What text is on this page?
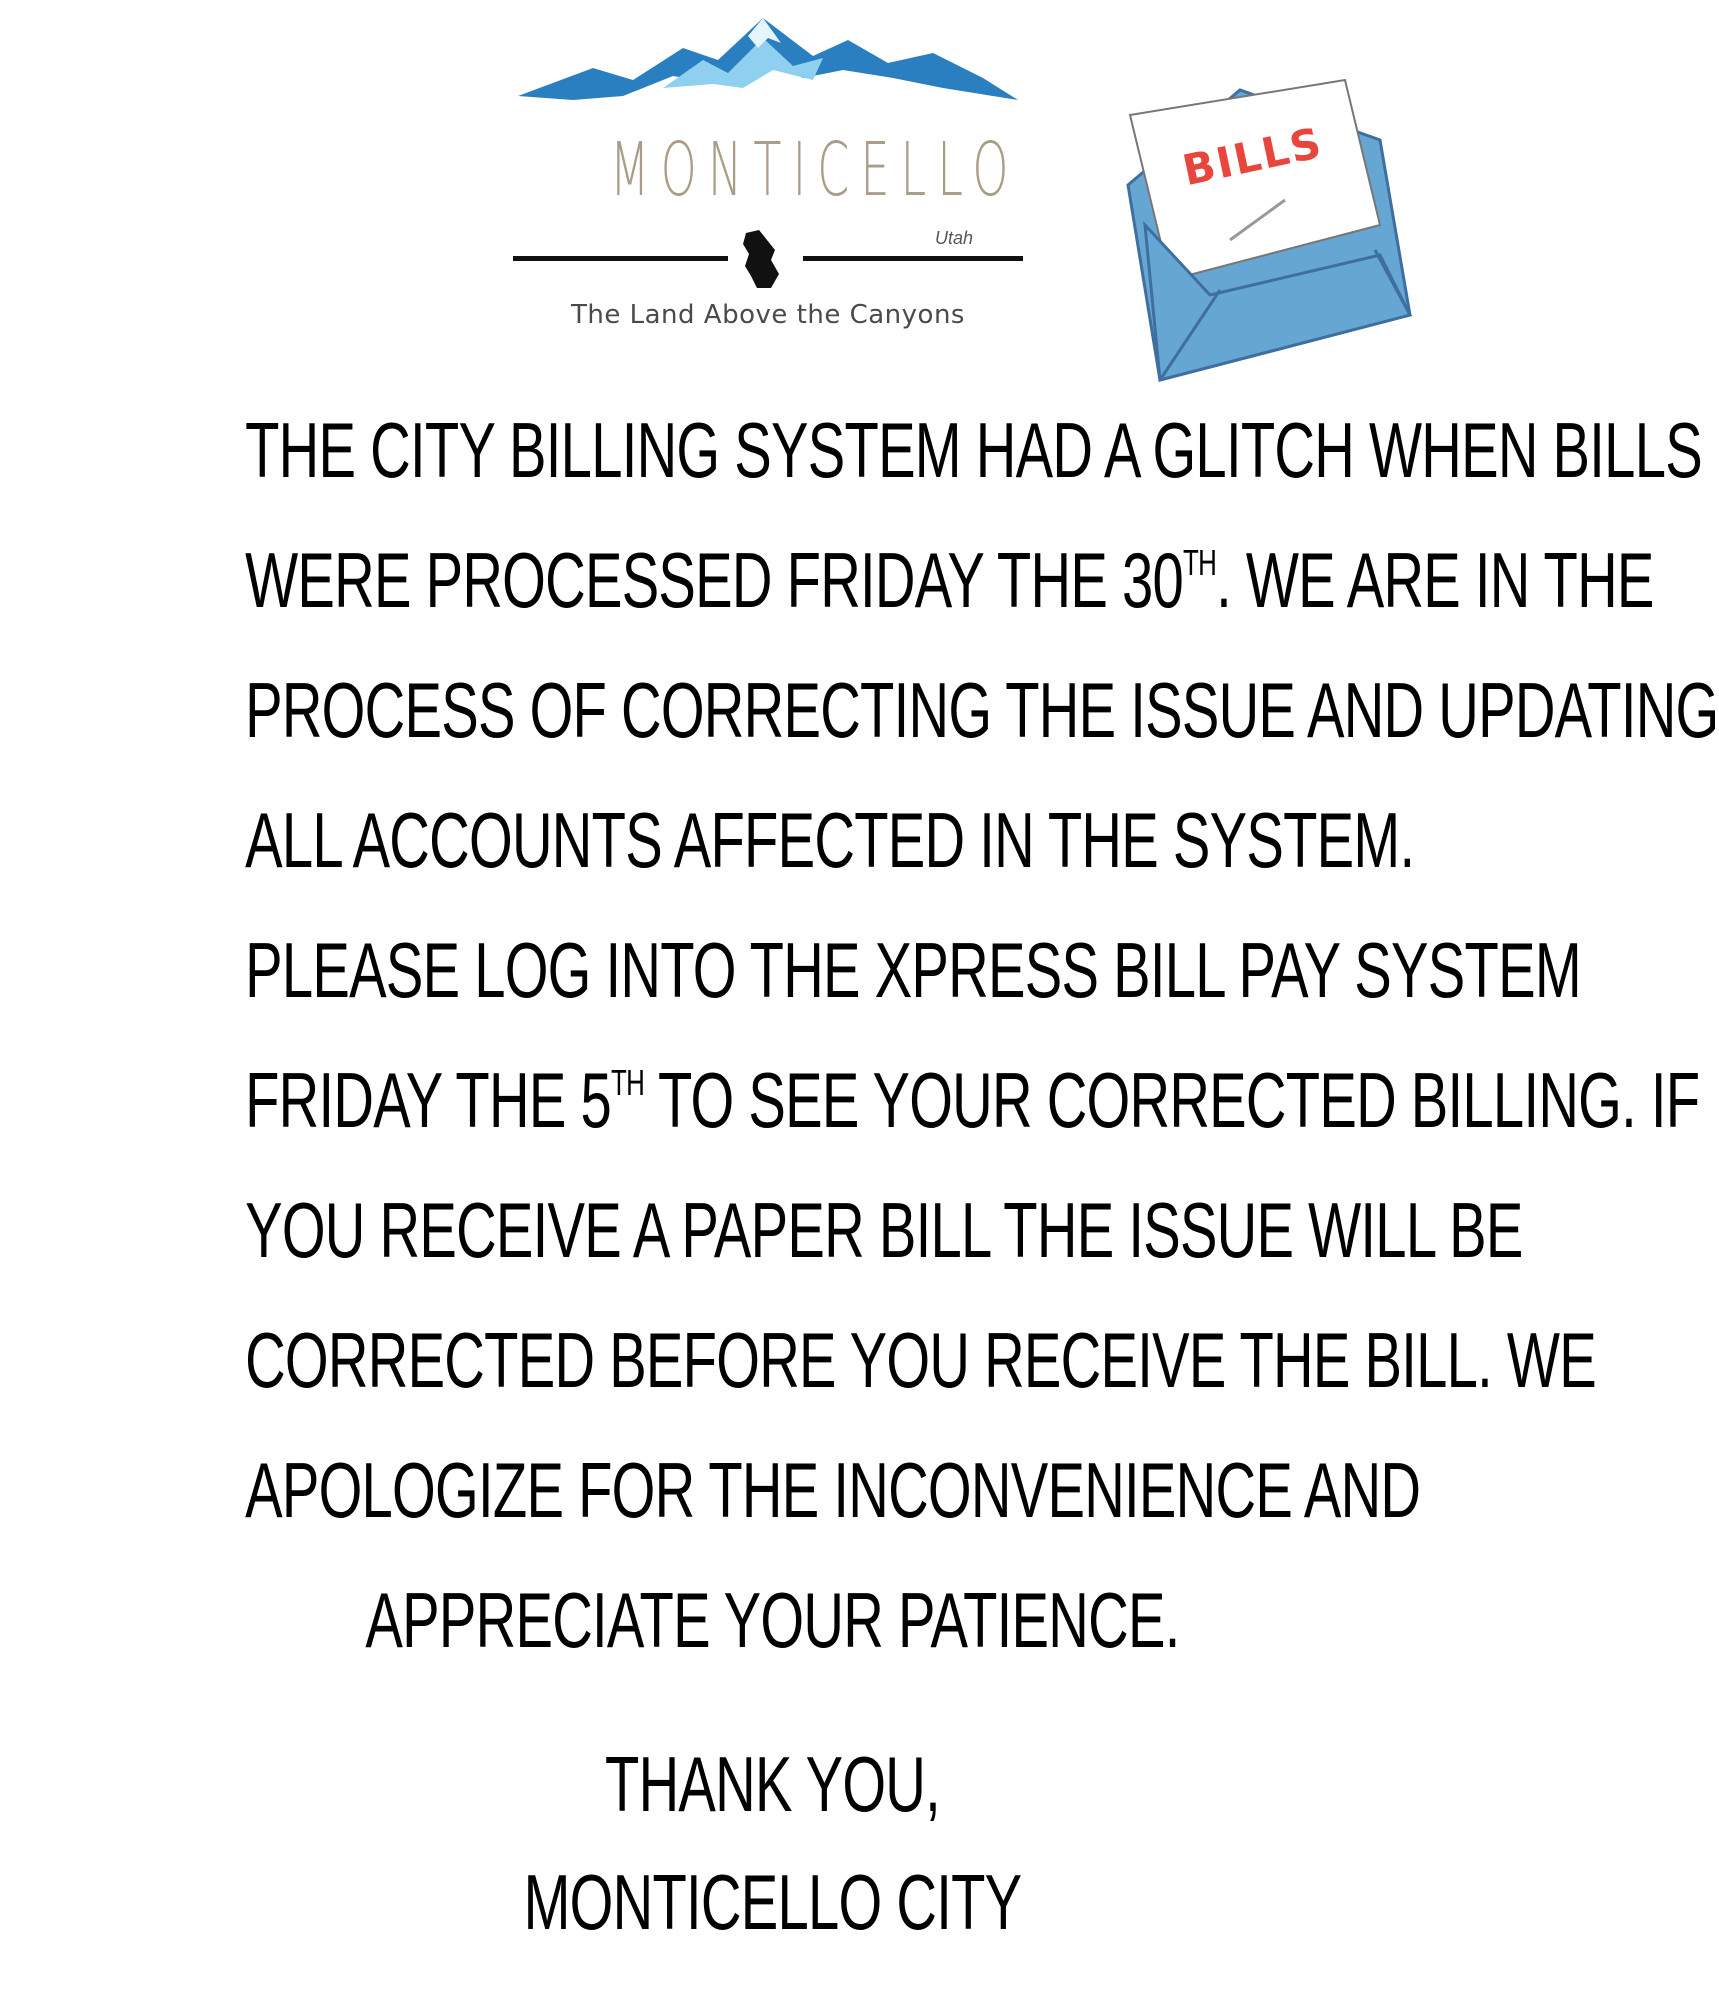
MONTICELLO
Utah
The Land Above the Canyons
BILLS
THE CITY BILLING SYSTEM HAD A GLITCH WHEN BILLS
WERE PROCESSED FRIDAY THE 30TH. WE ARE IN THE
PROCESS OF CORRECTING THE ISSUE AND UPDATING
ALL ACCOUNTS AFFECTED IN THE SYSTEM.
PLEASE LOG INTO THE XPRESS BILL PAY SYSTEM
FRIDAY THE 5TH TO SEE YOUR CORRECTED BILLING. IF
YOU RECEIVE A PAPER BILL THE ISSUE WILL BE
CORRECTED BEFORE YOU RECEIVE THE BILL. WE
APOLOGIZE FOR THE INCONVENIENCE AND
APPRECIATE YOUR PATIENCE.
THANK YOU,
MONTICELLO CITY
